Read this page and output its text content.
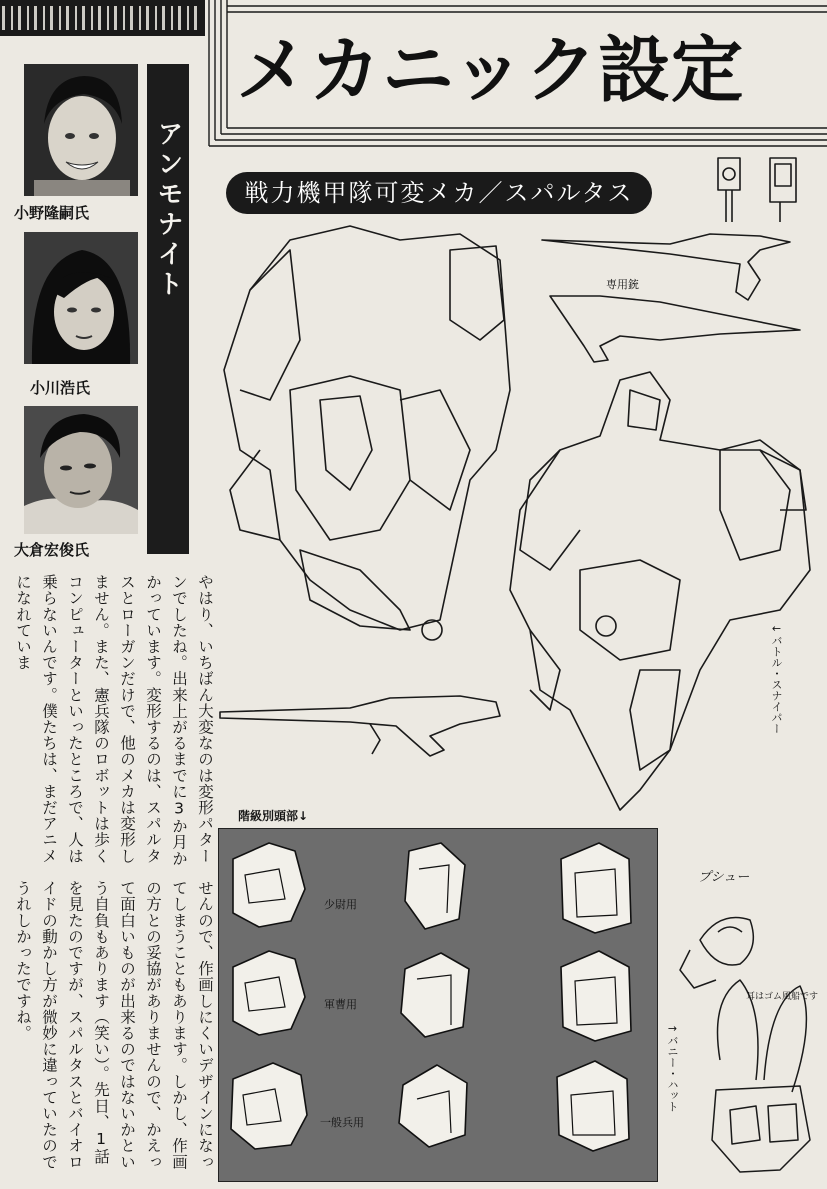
メカニック設定
小野隆嗣氏
小川浩氏
大倉宏俊氏
アンモナイト	戦力機甲隊可変メカ／スパルタス
専用銃
←バトル・スナイパー
やはり、いちばん大変なのは変形パターンでしたね。出来上がるまでに3か月かかっています。変形するのは、スパルタスとローガンだけで、他のメカは変形しません。また、憲兵隊のロボットは歩くコンピューターといったところで、人は乗らないんです。僕たちは、まだアニメになれていま
せんので、作画しにくいデザインになってしまうこともあります。しかし、作画の方との妥協がありませんので、かえって面白いものが出来るのではないかという自負もあります（笑い）。先日、1話を見たのですが、スパルタスとバイオロイドの動かし方が微妙に違っていたのでうれしかったですね。
階級別頭部↓
少尉用
軍曹用
一般兵用
プシュー
耳はゴム風船です
→バニー・ハット
